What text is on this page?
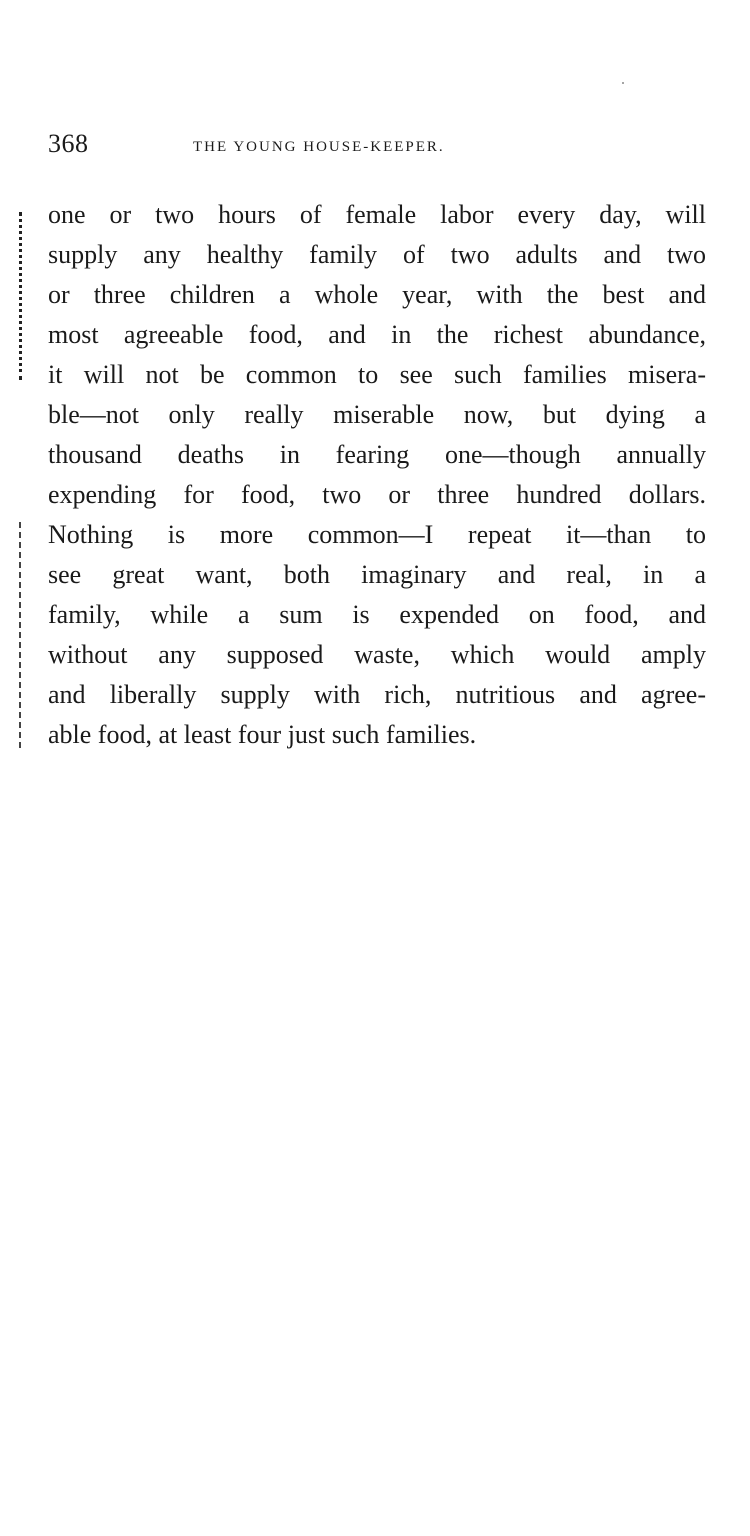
368	THE YOUNG HOUSE-KEEPER.
one or two hours of female labor every day, will
supply any healthy family of two adults and two
or three children a whole year, with the best and
most agreeable food, and in the richest abundance,
it will not be common to see such families misera-
ble—not only really miserable now, but dying a
thousand deaths in fearing one—though annually
expending for food, two or three hundred dollars.
Nothing is more common—I repeat it—than to
see great want, both imaginary and real, in a
family, while a sum is expended on food, and
without any supposed waste, which would amply
and liberally supply with rich, nutritious and agree-
able food, at least four just such families.
